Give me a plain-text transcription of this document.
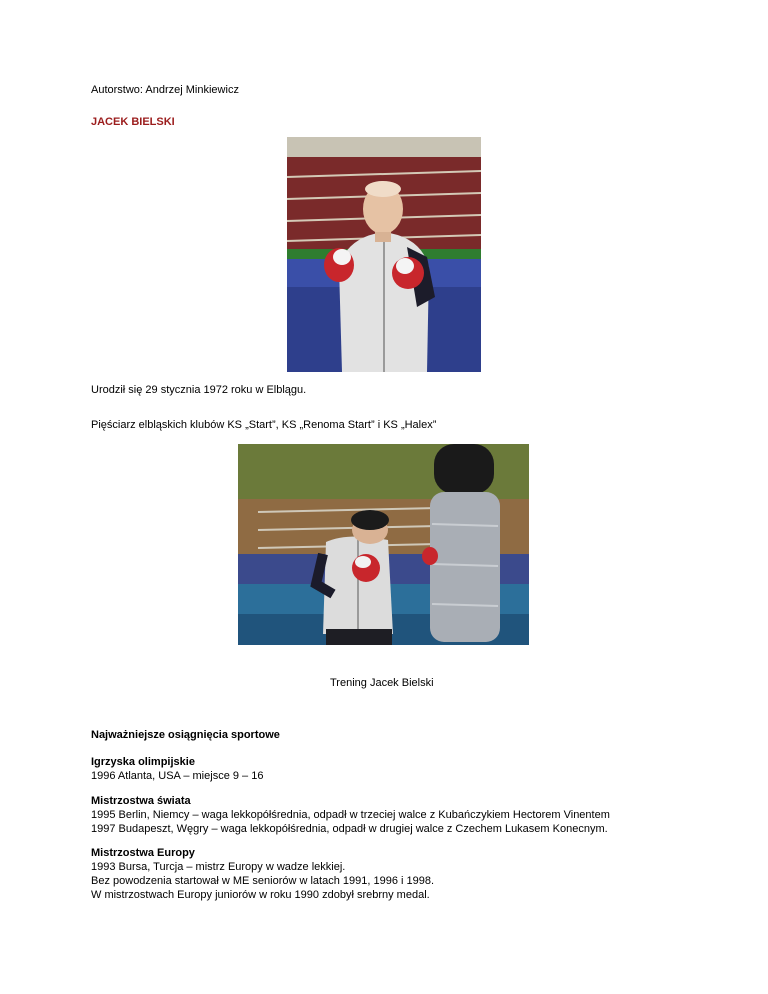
Autorstwo: Andrzej Minkiewicz
JACEK BIELSKI
Urodził się 29 stycznia 1972 roku w Elblągu.
Pięściarz elbląskich klubów KS „Start”, KS „Renoma Start” i KS „Halex”
Trening Jacek Bielski
Najważniejsze osiągnięcia sportowe
Igrzyska olimpijskie
1996 Atlanta, USA – miejsce 9 – 16
Mistrzostwa świata
1995 Berlin, Niemcy – waga lekkopółśrednia, odpadł w trzeciej walce z Kubańczykiem Hectorem Vinentem
1997 Budapeszt, Węgry – waga lekkopółśrednia, odpadł w drugiej walce z Czechem Lukasem Konecnym.
Mistrzostwa Europy
1993 Bursa, Turcja – mistrz Europy w wadze lekkiej.
Bez powodzenia startował w ME seniorów w latach 1991, 1996 i 1998.
W mistrzostwach Europy juniorów w roku 1990 zdobył srebrny medal.
